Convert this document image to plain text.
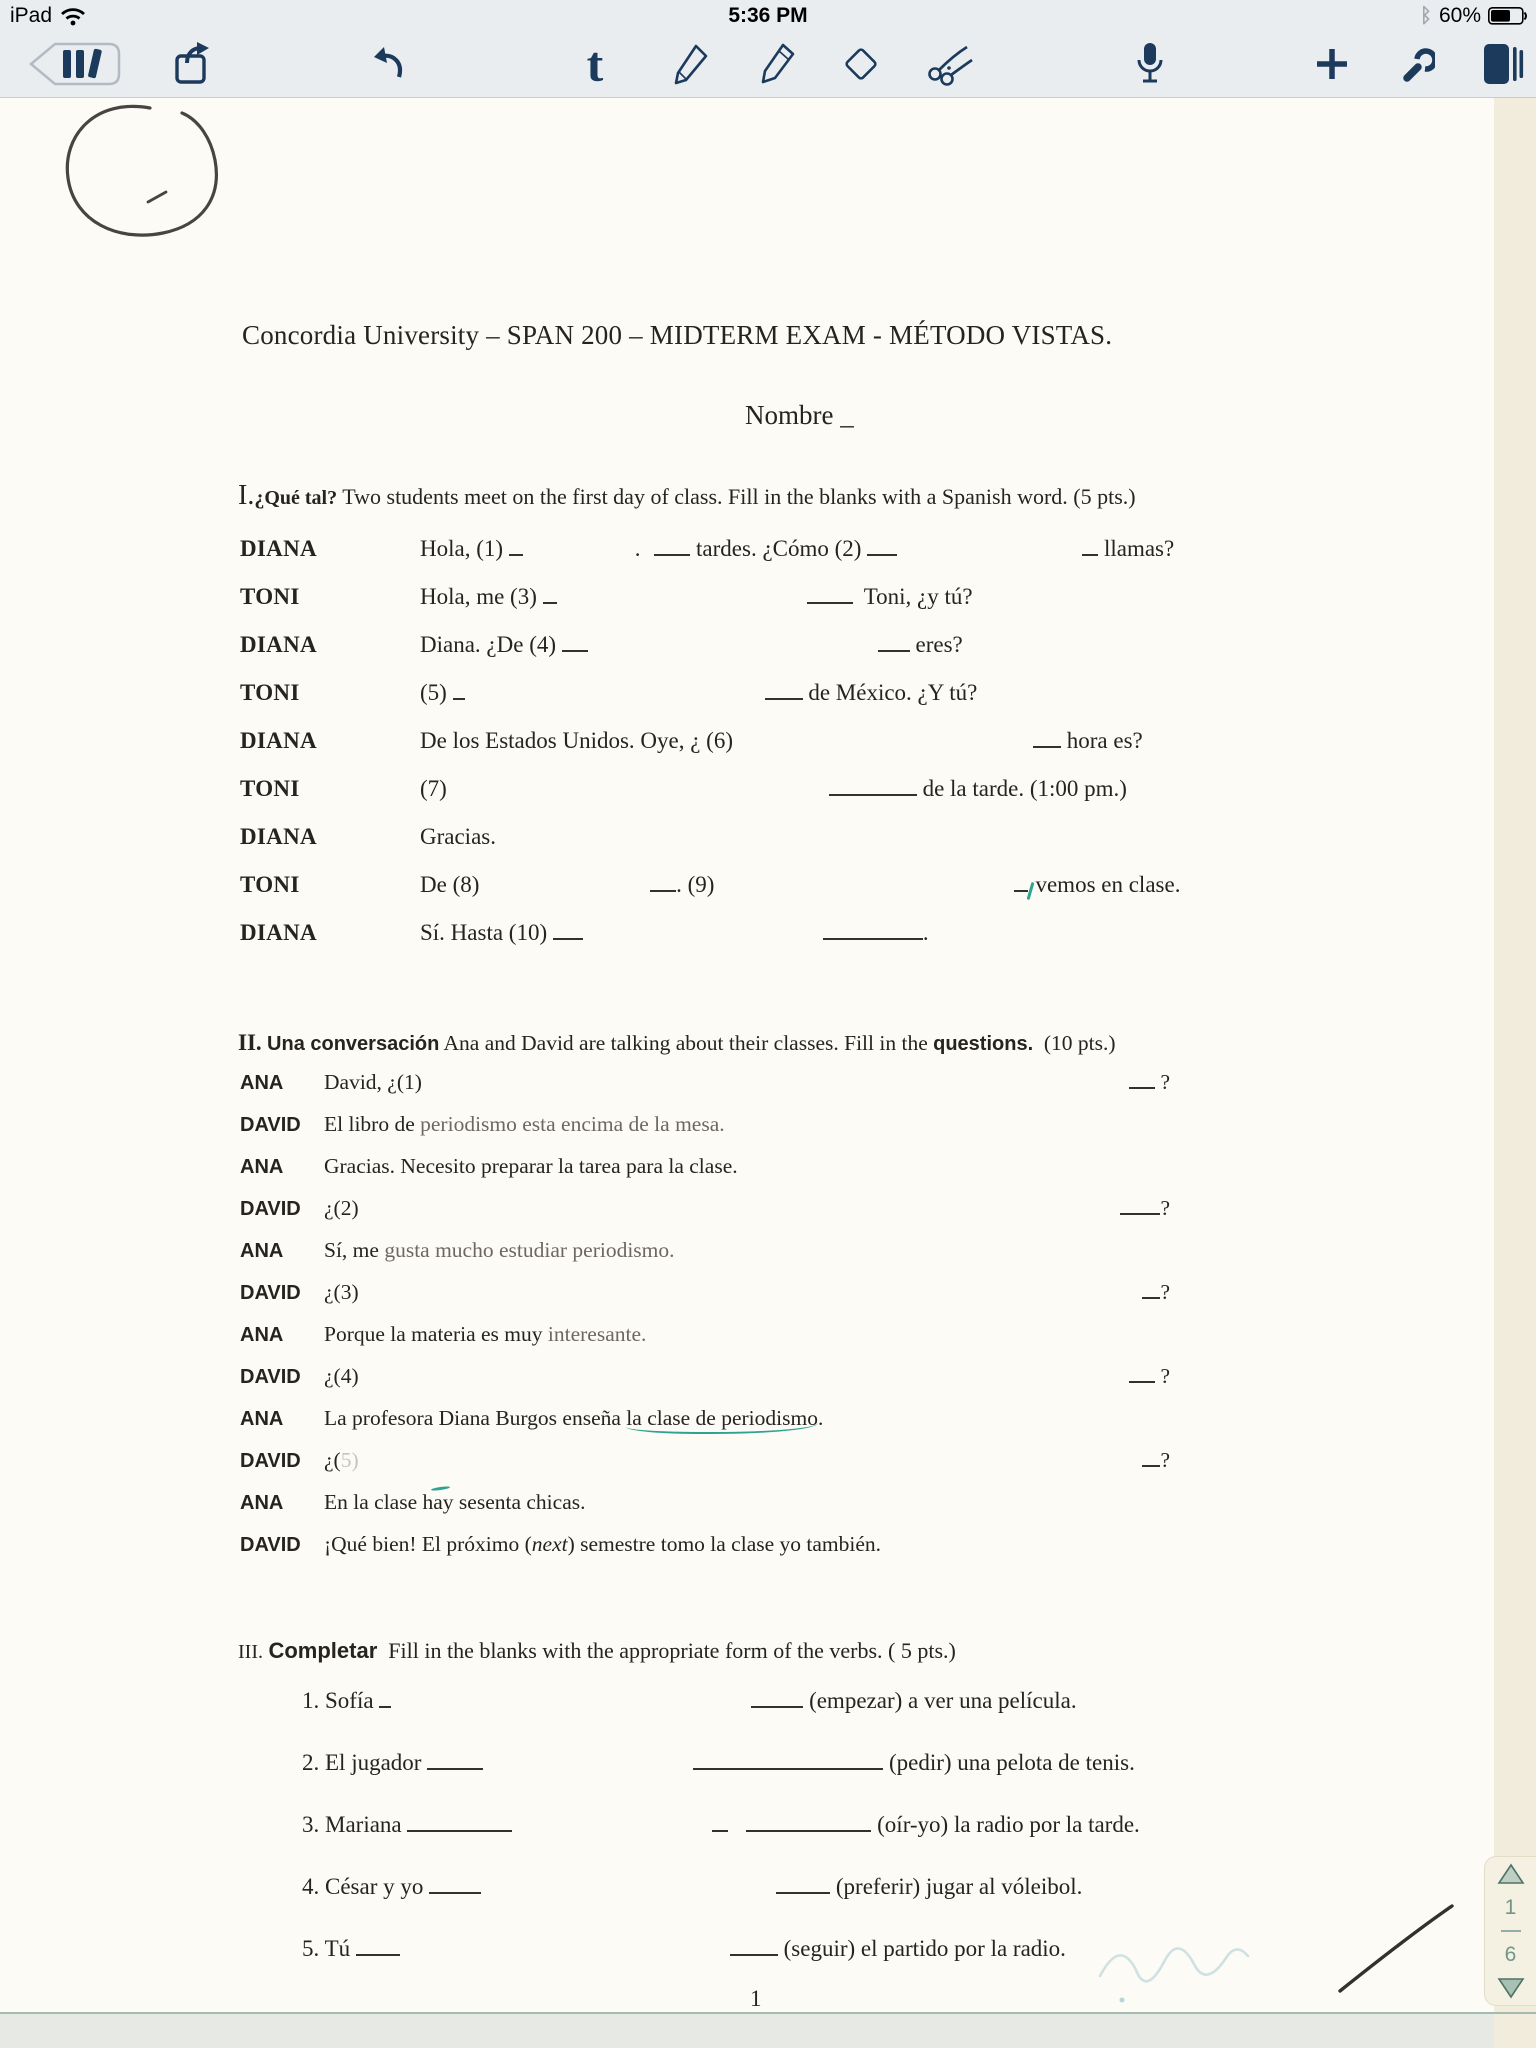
Concordia University – SPAN 200 – MIDTERM EXAM - MÉTODO VISTAS.
Nombre _
I.¿Qué tal? Two students meet on the first day of class. Fill in the blanks with a Spanish word. (5 pts.)
DIANA	Hola, (1)	. tardes. ¿Cómo (2)	llamas?
TONI	Hola, me (3)	Toni, ¿y tú?
DIANA	Diana. ¿De (4)	eres?
TONI	(5)	de México. ¿Y tú?
DIANA	De los Estados Unidos. Oye, ¿ (6)	hora es?
TONI	(7)	de la tarde. (1:00 pm.)
DIANA	Gracias.
TONI	De (8)	. (9)	vemos en clase.
DIANA	Sí. Hasta (10)	.
II. Una conversación Ana and David are talking about their classes. Fill in the questions.  (10 pts.)
ANA	David, ¿(1)	?
DAVID	El libro de periodismo esta encima de la mesa.
ANA	Gracias. Necesito preparar la tarea para la clase.
DAVID	¿(2)	?
ANA	Sí, me gusta mucho estudiar periodismo.
DAVID	¿(3)	?
ANA	Porque la materia es muy interesante.
DAVID	¿(4)	?
ANA	La profesora Diana Burgos enseña la clase de periodismo .
DAVID	¿( 5)	?
ANA	En la clase hay sesenta chicas.
DAVID	¡Qué bien! El próximo ( next ) semestre tomo la clase yo también.
III. Completar  Fill in the blanks with the appropriate form of the verbs. ( 5 pts.)
1. Sofía	(empezar) a ver una película.
2. El jugador	(pedir) una pelota de tenis.
3. Mariana	(oír-yo) la radio por la tarde.
4. César y yo	(preferir) jugar al vóleibol.
5. Tú	(seguir) el partido por la radio.
1
1
6
iPad	5:36 PM	ᛒ 60%
t
